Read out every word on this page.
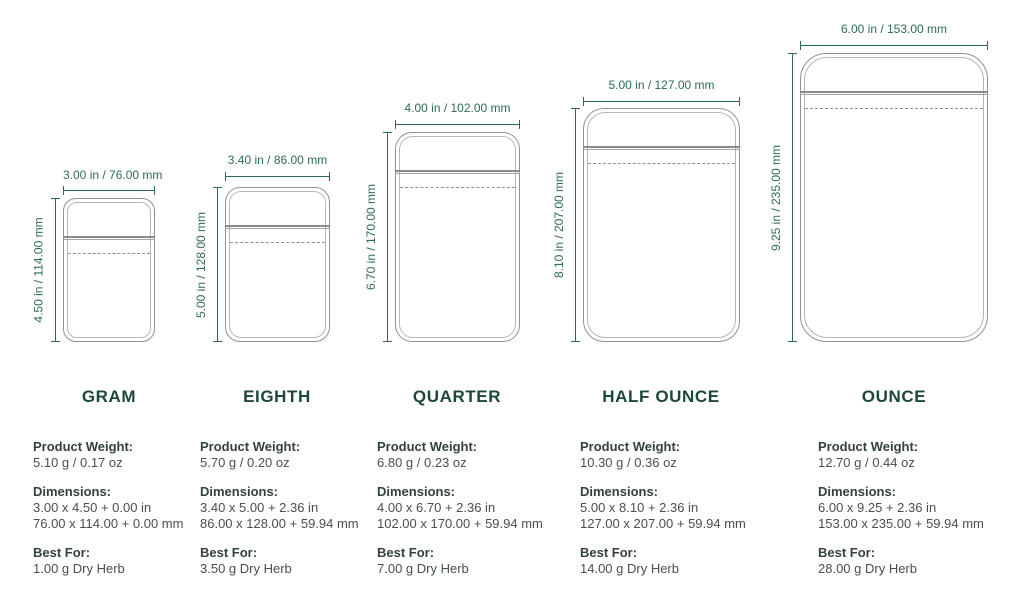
3.00 in / 76.00 mm
4.50 in / 114.00 mm
GRAM
Product Weight:
5.10 g / 0.17 oz
Dimensions:
3.00 x 4.50 + 0.00 in
76.00 x 114.00 + 0.00 mm
Best For:
1.00 g Dry Herb
3.40 in / 86.00 mm
5.00 in / 128.00 mm
EIGHTH
Product Weight:
5.70 g / 0.20 oz
Dimensions:
3.40 x 5.00 + 2.36 in
86.00 x 128.00 + 59.94 mm
Best For:
3.50 g Dry Herb
4.00 in / 102.00 mm
6.70 in / 170.00 mm
QUARTER
Product Weight:
6.80 g / 0.23 oz
Dimensions:
4.00 x 6.70 + 2.36 in
102.00 x 170.00 + 59.94 mm
Best For:
7.00 g Dry Herb
5.00 in / 127.00 mm
8.10 in / 207.00 mm
HALF OUNCE
Product Weight:
10.30 g / 0.36 oz
Dimensions:
5.00 x 8.10 + 2.36 in
127.00 x 207.00 + 59.94 mm
Best For:
14.00 g Dry Herb
6.00 in / 153.00 mm
9.25 in / 235.00 mm
OUNCE
Product Weight:
12.70 g / 0.44 oz
Dimensions:
6.00 x 9.25 + 2.36 in
153.00 x 235.00 + 59.94 mm
Best For:
28.00 g Dry Herb
